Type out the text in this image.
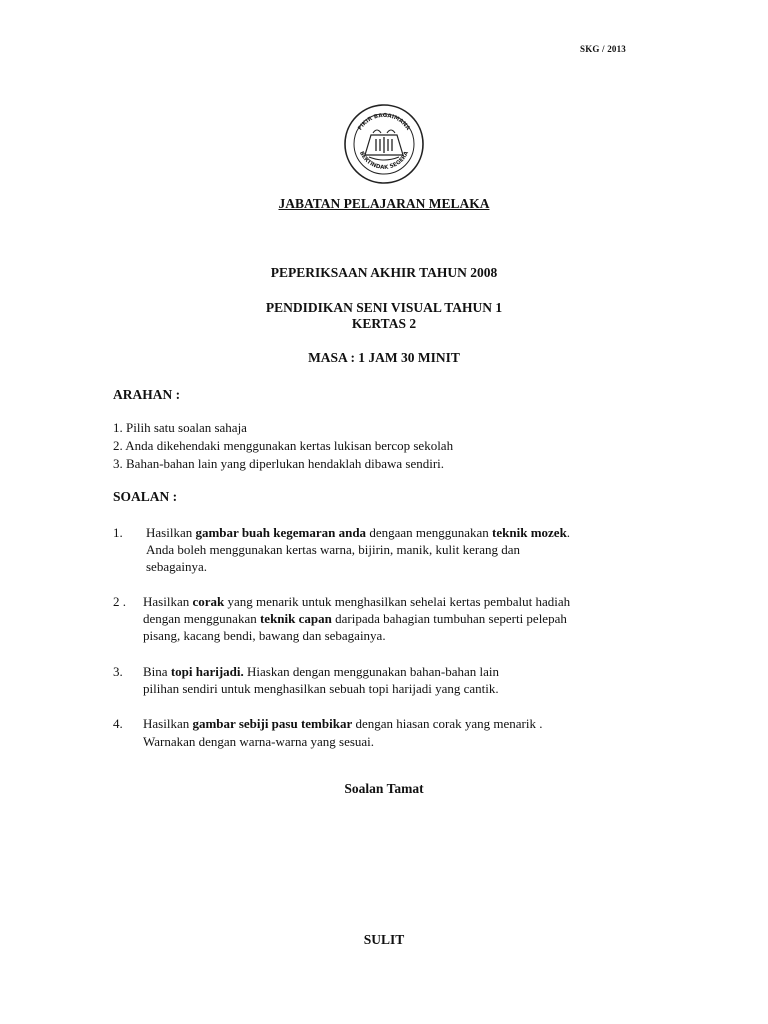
SKG / 2013
FIKIR BAGAIMANA
BERTINDAK SEGERA
JABATAN PELAJARAN MELAKA
PEPERIKSAAN AKHIR TAHUN 2008
PENDIDIKAN SENI VISUAL TAHUN 1
KERTAS 2
MASA : 1 JAM 30 MINIT
ARAHAN :
1. Pilih satu soalan sahaja
2. Anda dikehendaki menggunakan kertas lukisan bercop sekolah
3. Bahan-bahan lain yang diperlukan hendaklah dibawa sendiri.
SOALAN :
1. Hasilkan gambar buah kegemaran anda dengaan menggunakan teknik mozek.
Anda boleh menggunakan kertas warna, bijirin, manik, kulit kerang dan
sebagainya.
2 . Hasilkan corak yang menarik untuk menghasilkan sehelai kertas pembalut hadiah
dengan menggunakan teknik capan daripada bahagian tumbuhan seperti pelepah
pisang, kacang bendi, bawang dan sebagainya.
3. Bina topi harijadi. Hiaskan dengan menggunakan bahan-bahan lain
pilihan sendiri untuk menghasilkan sebuah topi harijadi yang cantik.
4. Hasilkan gambar sebiji pasu tembikar dengan hiasan corak yang menarik .
Warnakan dengan warna-warna yang sesuai.
Soalan Tamat
SULIT
